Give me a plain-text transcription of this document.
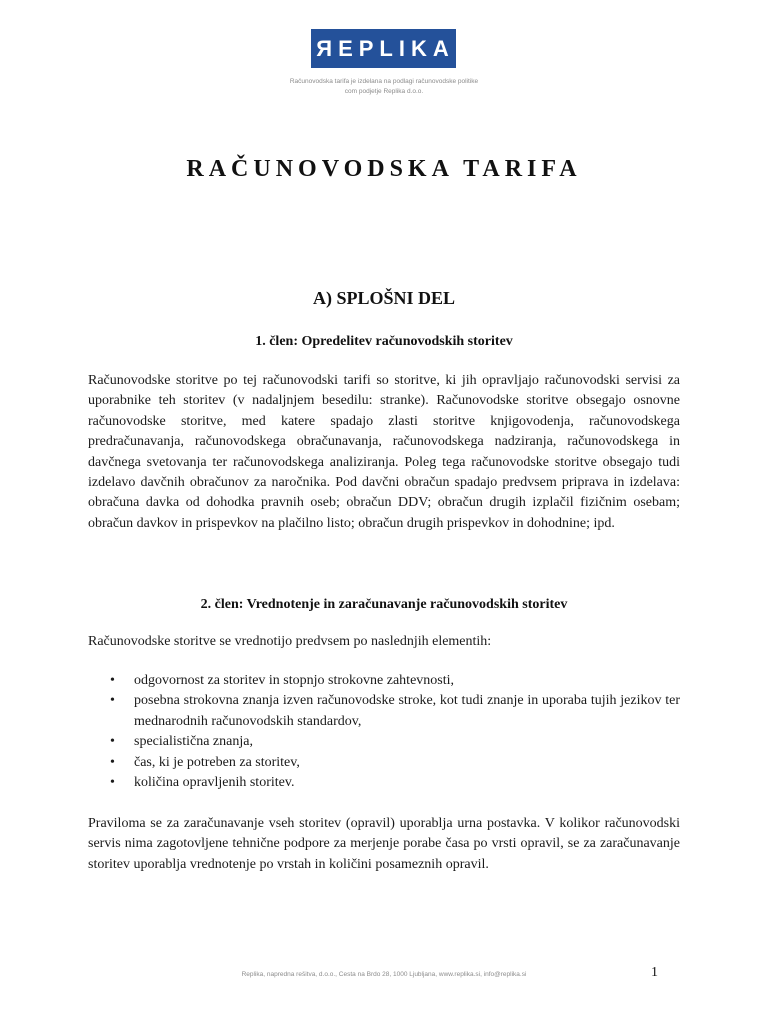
ЯEPLIKA
Računovodska tarifa je izdelana na podlagi računovodske politike com podjetje Replika d.o.o.
RAČUNOVODSKA TARIFA
A) SPLOŠNI DEL
1. člen: Opredelitev računovodskih storitev
Računovodske storitve po tej računovodski tarifi so storitve, ki jih opravljajo računovodski servisi za uporabnike teh storitev (v nadaljnjem besedilu: stranke). Računovodske storitve obsegajo osnovne računovodske storitve, med katere spadajo zlasti storitve knjigovodenja, računovodskega predračunavanja, računovodskega obračunavanja, računovodskega nadziranja, računovodskega in davčnega svetovanja ter računovodskega analiziranja. Poleg tega računovodske storitve obsegajo tudi izdelavo davčnih obračunov za naročnika. Pod davčni obračun spadajo predvsem priprava in izdelava: obračuna davka od dohodka pravnih oseb; obračun DDV; obračun drugih izplačil fizičnim osebam; obračun davkov in prispevkov na plačilno listo; obračun drugih prispevkov in dohodnine; ipd.
2. člen: Vrednotenje in zaračunavanje računovodskih storitev
Računovodske storitve se vrednotijo predvsem po naslednjih elementih:
• odgovornost za storitev in stopnjo strokovne zahtevnosti,
• posebna strokovna znanja izven računovodske stroke, kot tudi znanje in uporaba tujih jezikov ter mednarodnih računovodskih standardov,
• specialistična znanja,
• čas, ki je potreben za storitev,
• količina opravljenih storitev.
Praviloma se za zaračunavanje vseh storitev (opravil) uporablja urna postavka. V kolikor računovodski servis nima zagotovljene tehnične podpore za merjenje porabe časa po vrsti opravil, se za zaračunavanje storitev uporablja vrednotenje po vrstah in količini posameznih opravil.
Replika, napredna rešitva, d.o.o., Cesta na Brdo 28, 1000 Ljubljana, www.replika.si, info@replika.si	1
